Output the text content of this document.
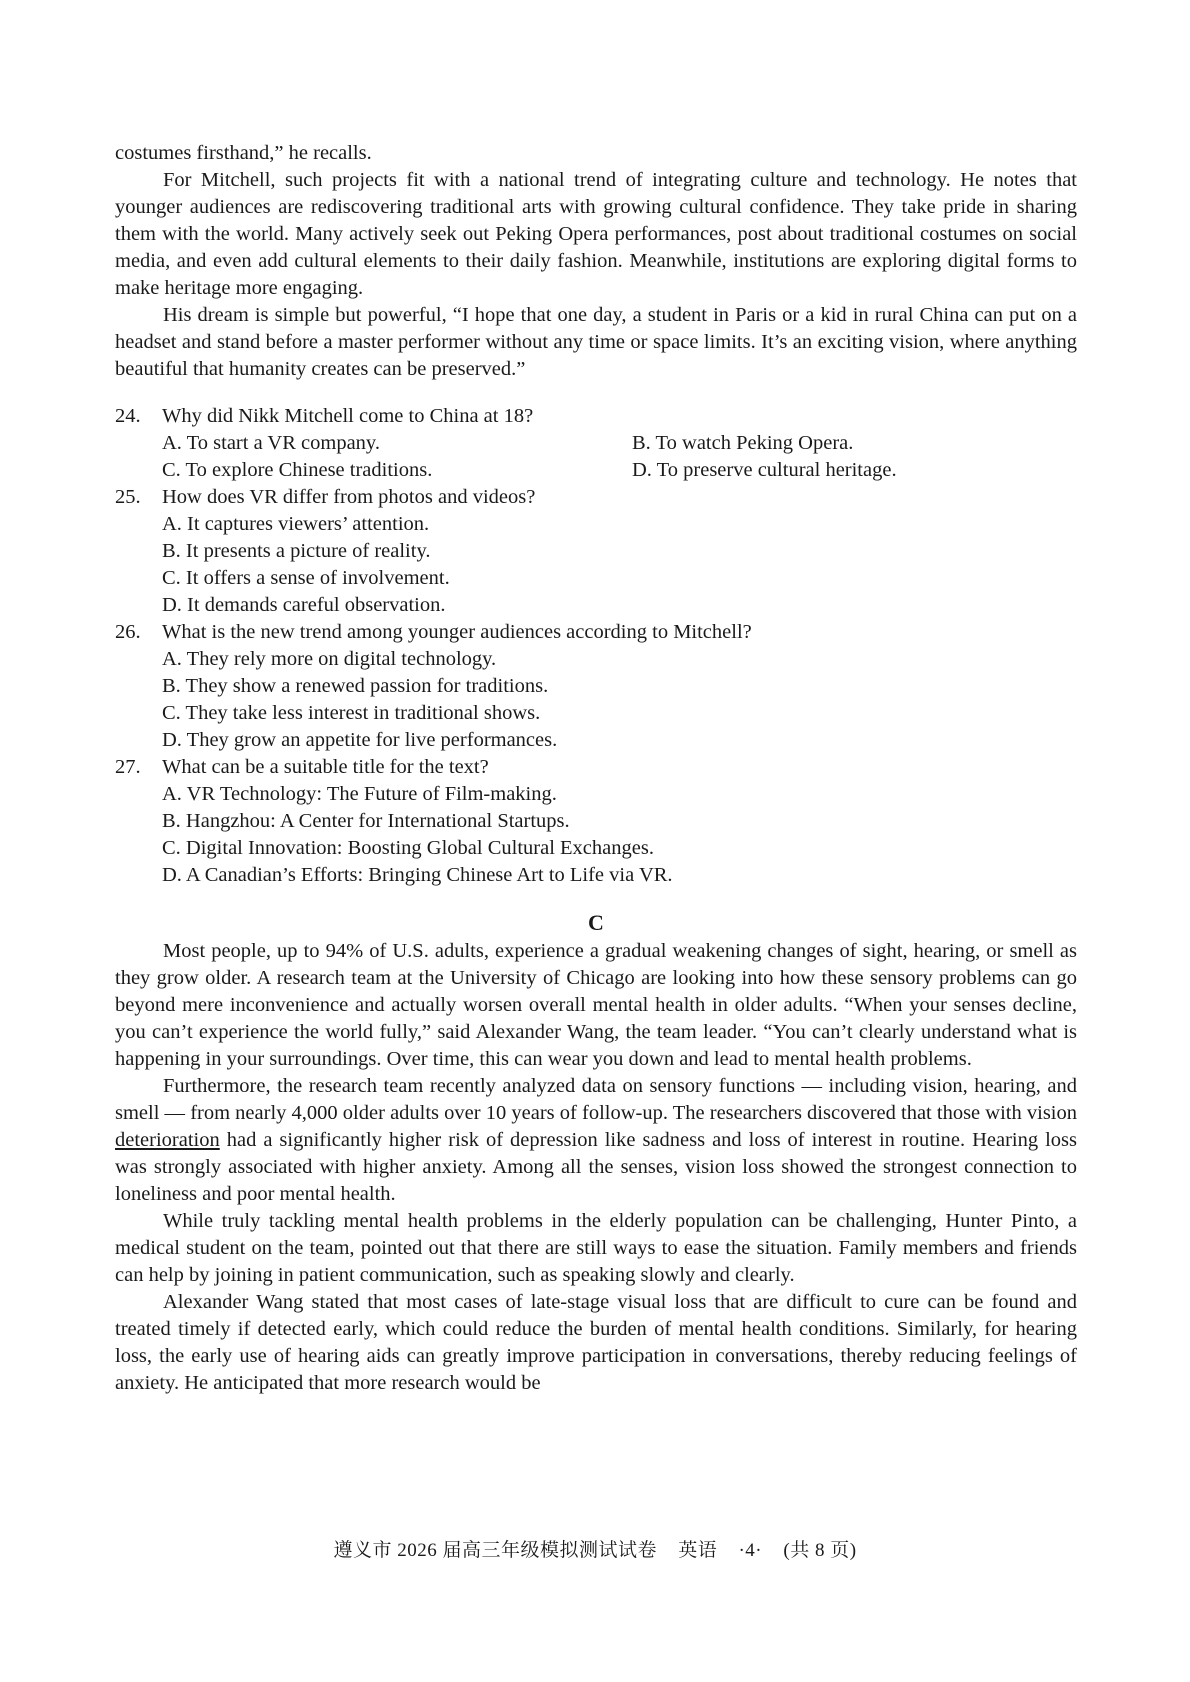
costumes firsthand,” he recalls.

For Mitchell, such projects fit with a national trend of integrating culture and technology. He notes that younger audiences are rediscovering traditional arts with growing cultural confidence. They take pride in sharing them with the world. Many actively seek out Peking Opera performances, post about traditional costumes on social media, and even add cultural elements to their daily fashion. Meanwhile, institutions are exploring digital forms to make heritage more engaging.

His dream is simple but powerful, “I hope that one day, a student in Paris or a kid in rural China can put on a headset and stand before a master performer without any time or space limits. It’s an exciting vision, where anything beautiful that humanity creates can be preserved.”

24.	Why did Nikk Mitchell come to China at 18?
A. To start a VR company.	B. To watch Peking Opera.
C. To explore Chinese traditions.	D. To preserve cultural heritage.
25.	How does VR differ from photos and videos?
A. It captures viewers’ attention.
B. It presents a picture of reality.
C. It offers a sense of involvement.
D. It demands careful observation.
26.	What is the new trend among younger audiences according to Mitchell?
A. They rely more on digital technology.
B. They show a renewed passion for traditions.
C. They take less interest in traditional shows.
D. They grow an appetite for live performances.
27.	What can be a suitable title for the text?
A. VR Technology: The Future of Film-making.
B. Hangzhou: A Center for International Startups.
C. Digital Innovation: Boosting Global Cultural Exchanges.
D. A Canadian’s Efforts: Bringing Chinese Art to Life via VR.
C

Most people, up to 94% of U.S. adults, experience a gradual weakening changes of sight, hearing, or smell as they grow older. A research team at the University of Chicago are looking into how these sensory problems can go beyond mere inconvenience and actually worsen overall mental health in older adults. “When your senses decline, you can’t experience the world fully,” said Alexander Wang, the team leader. “You can’t clearly understand what is happening in your surroundings. Over time, this can wear you down and lead to mental health problems.

Furthermore, the research team recently analyzed data on sensory functions — including vision, hearing, and smell — from nearly 4,000 older adults over 10 years of follow-up. The researchers discovered that those with vision deterioration had a significantly higher risk of depression like sadness and loss of interest in routine. Hearing loss was strongly associated with higher anxiety. Among all the senses, vision loss showed the strongest connection to loneliness and poor mental health.

While truly tackling mental health problems in the elderly population can be challenging, Hunter Pinto, a medical student on the team, pointed out that there are still ways to ease the situation. Family members and friends can help by joining in patient communication, such as speaking slowly and clearly.

Alexander Wang stated that most cases of late-stage visual loss that are difficult to cure can be found and treated timely if detected early, which could reduce the burden of mental health conditions. Similarly, for hearing loss, the early use of hearing aids can greatly improve participation in conversations, thereby reducing feelings of anxiety. He anticipated that more research would be

遵义市 2026 届高三年级模拟测试试卷 英语 ·4· (共 8 页)
